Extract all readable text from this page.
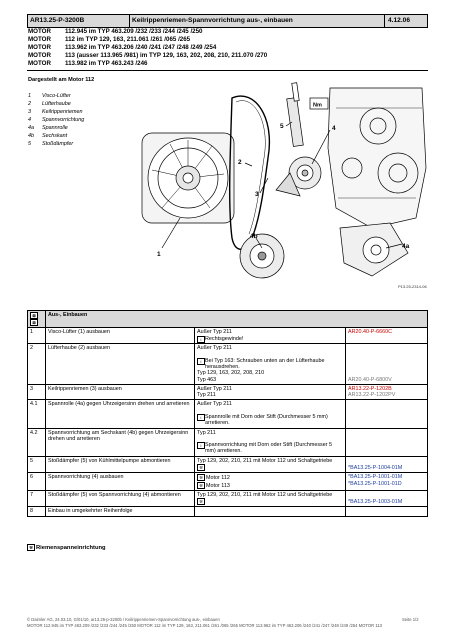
AR13.25-P-3200B	Keilrippenriemen-Spannvorrichtung aus-, einbauen	4.12.06
MOTOR 112.945 im TYP 463.209 /232 /233 /244 /245 /250
MOTOR 112 im TYP 129, 163, 211.061 /261 /065 /265
MOTOR 113.962 im TYP 463.206 /240 /241 /247 /248 /249 /254
MOTOR 113 (ausser 113.965 /981) im TYP 129, 163, 202, 208, 210, 211.070 /270
MOTOR 113.982 im TYP 463.243 /246
Dargestellt am Motor 112
1 Visco-Lüfter
2 Lüfterhaube
3 Keilrippenriemen
4 Spannvorrichtung
4a Spannrolle
4b Sechskant
5 Stoßdämpfer
1
2
3
4
4a
4b
5
Nm
P13.25-2314-06
⊠⊠	Aus-, Einbauen		
1	Visco-Lüfter (1) ausbauen	Außer Typ 211
i Rechtsgewinde!	AR20.40-P-6660C
2	Lüfterhaube (2) ausbauen	Außer Typ 211

i Bei Typ 163: Schrauben unten an der Lüfterhaube herausdrehen.
Typ 129, 163, 202, 208, 210
Typ 463	AR20.40-P-6800V
3	Keilrippenriemen (3) ausbauen	Außer Typ 211
Typ 211	AR13.22-P-1202B
AR13.22-P-1202PV
4.1	Spannrolle (4a) gegen Uhrzeigersinn drehen und arretieren	Außer Typ 211

i Spannrolle mit Dorn oder Stift (Durchmesser 5 mm) arretieren.	

4.2	Spannvorrichtung am Sechskant (4b) gegen Uhrzeigersinn drehen und arretieren	Typ 211

i Spannvorrichtung mit Dorn oder Stift (Durchmesser 5 mm) arretieren.	

5	Stoßdämpfer (5) von Kühlmittelpumpe abmontieren	Typ 129, 202, 210, 211 mit Motor 112 und Schaltgetriebe
⚒	*BA13.25-P-1004-01M
6	Spannvorrichtung (4) ausbauen	⚒ Motor 112
⚒ Motor 113	*BA13.25-P-1001-01M
*BA13.25-P-1001-01D
7	Stoßdämpfer (5) von Spannvorrichtung (4) abmontieren	Typ 129, 202, 210, 211 mit Motor 112 und Schaltgetriebe
⚒	*BA13.25-P-1003-01M
8	Einbau in umgekehrter Reihenfolge		
⚒ Riemenspanneinrichtung
© Daimler AG, 24.03.10, G/01/10, ar13.25-p-3200b / Keilrippenriemen-Spannvorrichtung aus-, einbauen	Seite 1/2
MOTOR 112.945 im TYP 463.209 /232 /233 /244 /245 /250 MOTOR 112 im TYP 129, 163, 211.061 /261 /065 /265 MOTOR 113.962 im TYP 463.206 /240 /241 /247 /248 /249 /254 MOTOR 113
